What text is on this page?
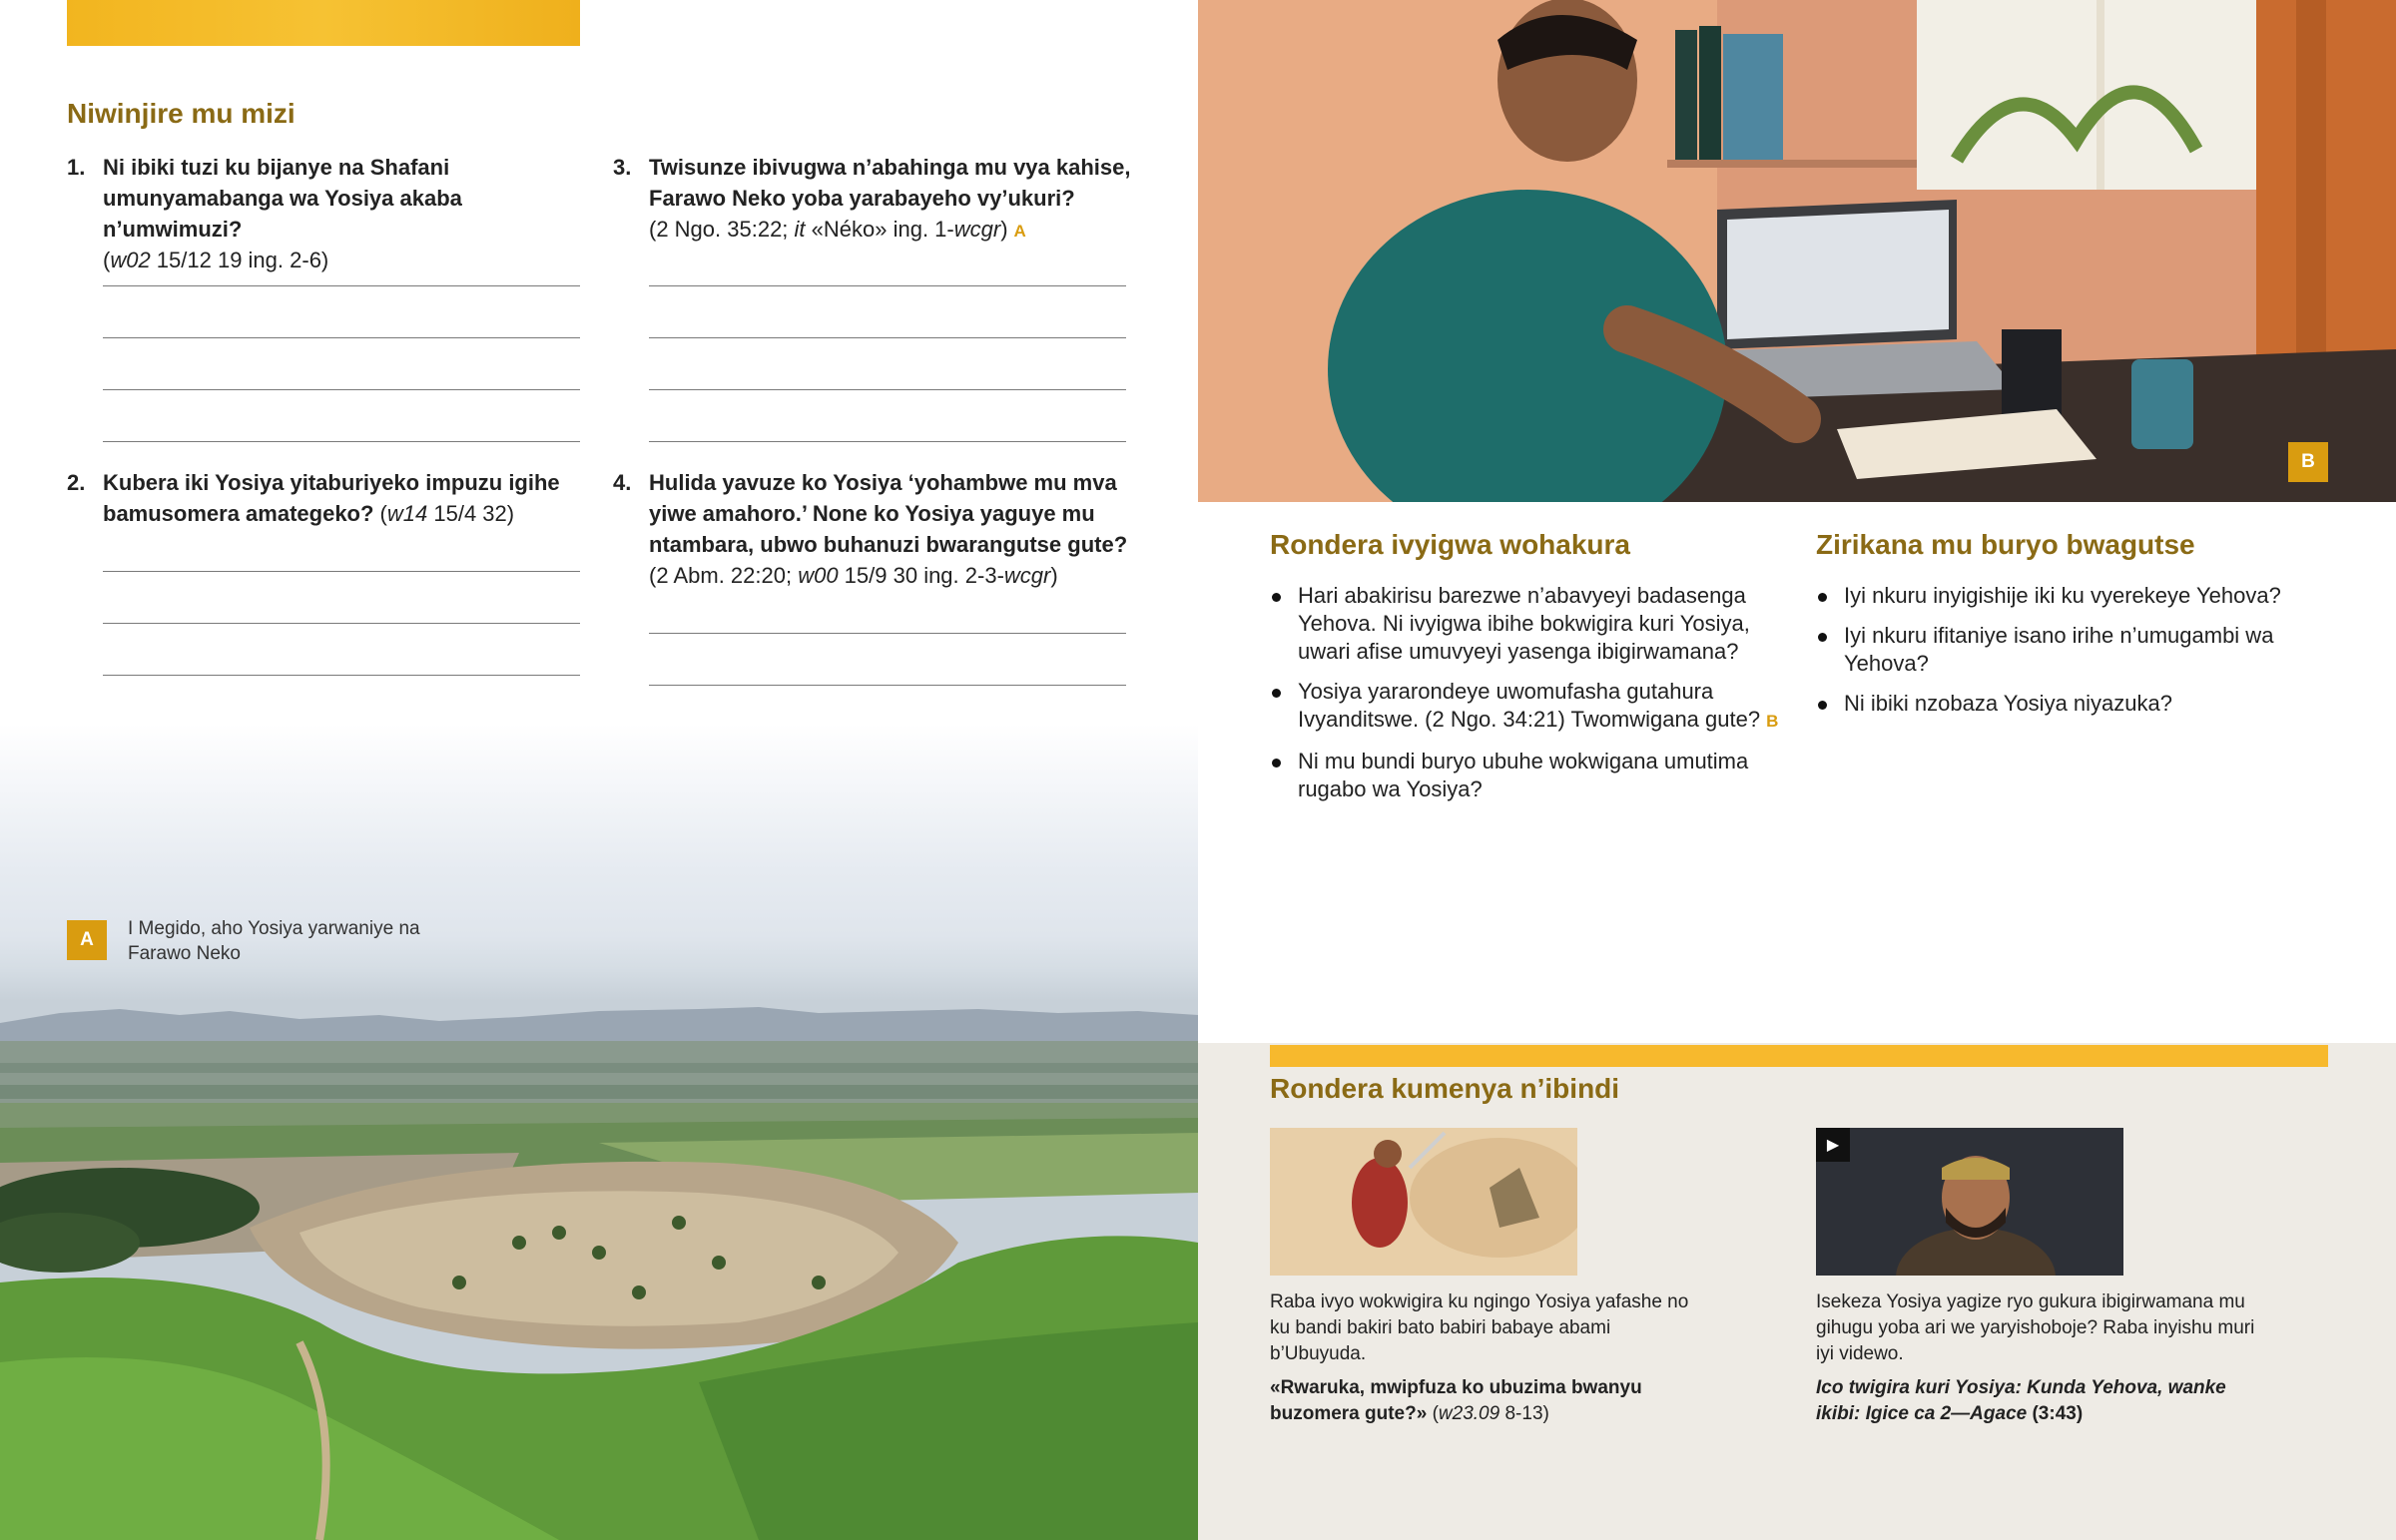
Niwinjire mu mizi
1. Ni ibiki tuzi ku bijanye na Shafani umunyamabanga wa Yosiya akaba n’umwimuzi?
(w02 15/12 19 ing. 2-6)
2. Kubera iki Yosiya yitaburiyeko impuzu igihe bamusomera amategeko? (w14 15/4 32)
3. Twisunze ibivugwa n’abahinga mu vya kahise, Farawo Neko yoba yarabayeho vy’ukuri?
(2 Ngo. 35:22; it «Néko» ing. 1-wcgr) A
4. Hulida yavuze ko Yosiya ‘yohambwe mu mva yiwe amahoro.’ None ko Yosiya yaguye mu ntambara, ubwo buhanuzi bwarangutse gute?
(2 Abm. 22:20; w00 15/9 30 ing. 2-3-wcgr)
A
I Megido, aho Yosiya yarwaniye na Farawo Neko
B
Rondera ivyigwa wohakura
Hari abakirisu barezwe n’abavyeyi badasenga Yehova. Ni ivyigwa ibihe bokwigira kuri Yosiya, uwari afise umuvyeyi yasenga ibigirwamana?
Yosiya yararondeye uwomufasha gutahura Ivyanditswe. (2 Ngo. 34:21) Twomwigana gute? B
Ni mu bundi buryo ubuhe wokwigana umutima rugabo wa Yosiya?
Zirikana mu buryo bwagutse
Iyi nkuru inyigishije iki ku vyerekeye Yehova?
Iyi nkuru ifitaniye isano irihe n’umugambi wa Yehova?
Ni ibiki nzobaza Yosiya niyazuka?
Rondera kumenya n’ibindi
Raba ivyo wokwigira ku ngingo Yosiya yafashe no ku bandi bakiri bato babiri babaye abami b’Ubuyuda.
«Rwaruka, mwipfuza ko ubuzima bwanyu buzomera gute?» (w23.09 8-13)
▶
Isekeza Yosiya yagize ryo gukura ibigirwamana mu gihugu yoba ari we yaryishoboje? Raba inyishu muri iyi videwo.
Ico twigira kuri Yosiya: Kunda Yehova, wanke ikibi: Igice ca 2—Agace (3:43)
